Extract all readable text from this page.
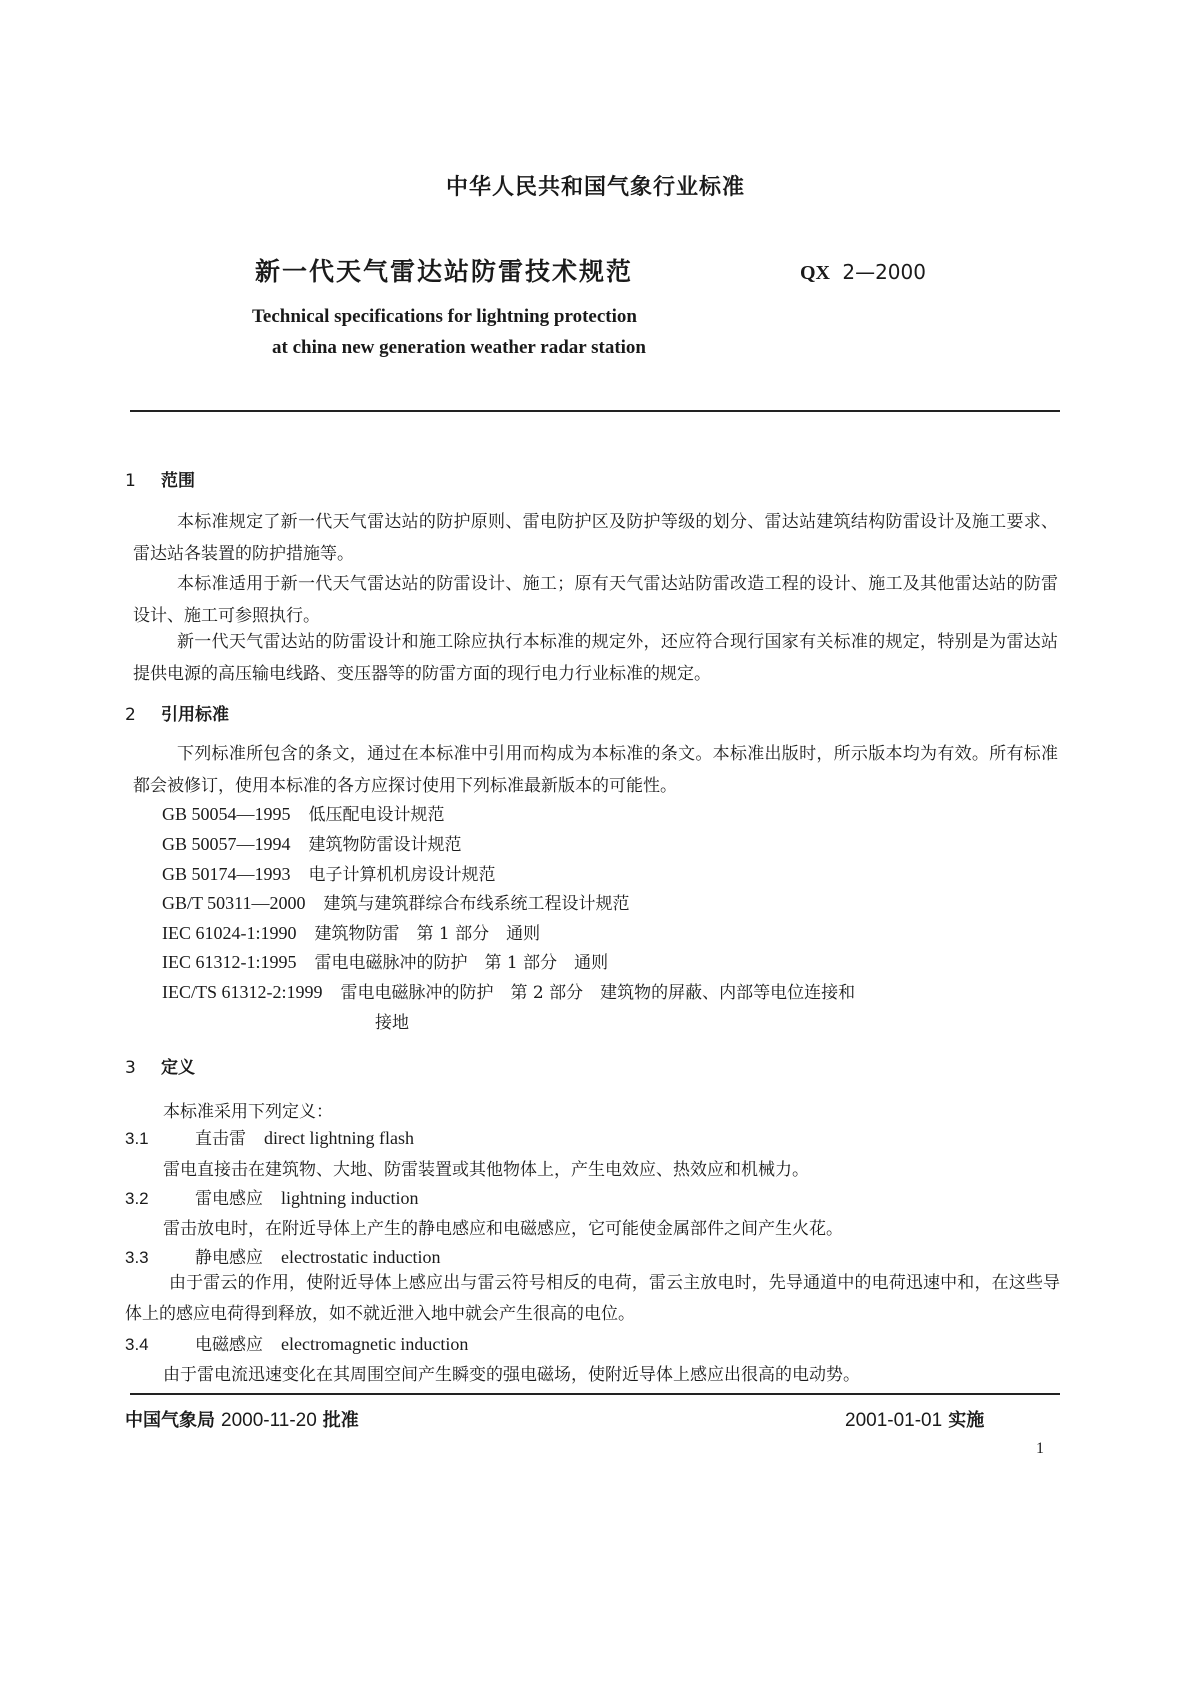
中华人民共和国气象行业标准
新一代天气雷达站防雷技术规范	QX 2—2000
Technical specifications for lightning protection
at china new generation weather radar station
1 范围
本标准规定了新一代天气雷达站的防护原则、雷电防护区及防护等级的划分、雷达站建筑结构防雷设计及施工要求、雷达站各装置的防护措施等。
本标准适用于新一代天气雷达站的防雷设计、施工；原有天气雷达站防雷改造工程的设计、施工及其他雷达站的防雷设计、施工可参照执行。
新一代天气雷达站的防雷设计和施工除应执行本标准的规定外，还应符合现行国家有关标准的规定，特别是为雷达站提供电源的高压输电线路、变压器等的防雷方面的现行电力行业标准的规定。
2 引用标准
下列标准所包含的条文，通过在本标准中引用而构成为本标准的条文。本标准出版时，所示版本均为有效。所有标准都会被修订，使用本标准的各方应探讨使用下列标准最新版本的可能性。
GB 50054—1995 低压配电设计规范
GB 50057—1994 建筑物防雷设计规范
GB 50174—1993 电子计算机机房设计规范
GB/T 50311—2000 建筑与建筑群综合布线系统工程设计规范
IEC 61024-1:1990 建筑物防雷　第 1 部分　通则
IEC 61312-1:1995 雷电电磁脉冲的防护　第 1 部分　通则
IEC/TS 61312-2:1999 雷电电磁脉冲的防护　第 2 部分　建筑物的屏蔽、内部等电位连接和
接地
3 定义
本标准采用下列定义：
3.1	直击雷 direct lightning flash
雷电直接击在建筑物、大地、防雷装置或其他物体上，产生电效应、热效应和机械力。
3.2	雷电感应 lightning induction
雷击放电时，在附近导体上产生的静电感应和电磁感应，它可能使金属部件之间产生火花。
3.3	静电感应 electrostatic induction
由于雷云的作用，使附近导体上感应出与雷云符号相反的电荷，雷云主放电时，先导通道中的电荷迅速中和，在这些导体上的感应电荷得到释放，如不就近泄入地中就会产生很高的电位。
3.4	电磁感应 electromagnetic induction
由于雷电流迅速变化在其周围空间产生瞬变的强电磁场，使附近导体上感应出很高的电动势。
中国气象局 2000-11-20 批准	2001-01-01 实施
1
